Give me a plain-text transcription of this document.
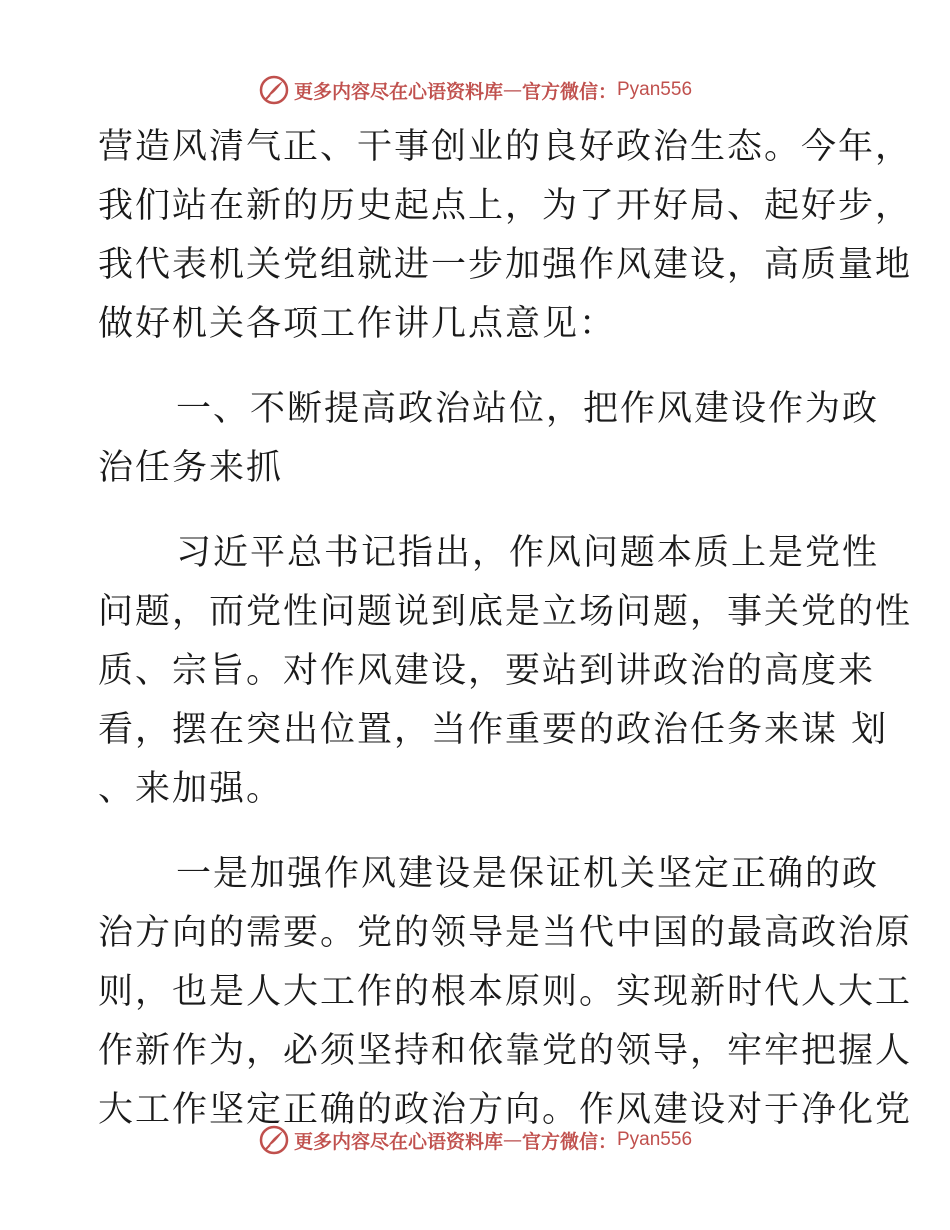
更多内容尽在心语资料库 — 官方微信： Pyan556
营造风清气正、干事创业的良好政治生态。今年，
我们站在新的历史起点上，为了开好局、起好步，
我代表机关党组就进一步加强作风建设，高质量地
做好机关各项工作讲几点意见：
一、不断提高政治站位，把作风建设作为政
治任务来抓
习近平总书记指出，作风问题本质上是党性
问题，而党性问题说到底是立场问题，事关党的性
质、宗旨。对作风建设，要站到讲政治的高度来
看，摆在突出位置，当作重要的政治任务来谋 划
、来加强。
一是加强作风建设是保证机关坚定正确的政
治方向的需要。党的领导是当代中国的最高政治原
则，也是人大工作的根本原则。实现新时代人大工
作新作为，必须坚持和依靠党的领导，牢牢把握人
大工作坚定正确的政治方向。作风建设对于净化党
更多内容尽在心语资料库 — 官方微信： Pyan556
